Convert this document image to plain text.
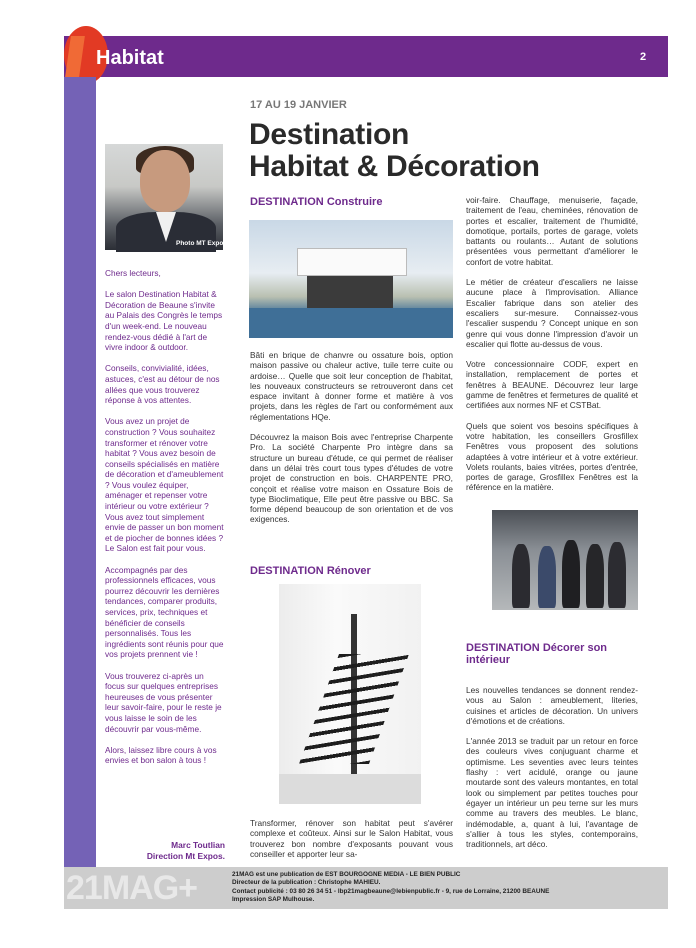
Habitat	2
Photo MT Expo

Chers lecteurs,

Le salon Destination Habitat & Décoration de Beaune s'invite au Palais des Congrès le temps d'un week-end. Le nouveau rendez-vous dédié à l'art de vivre indoor & outdoor.

Conseils, convivialité, idées, astuces, c'est au détour de nos allées que vous trouverez réponse à vos attentes.

Vous avez un projet de construction ? Vous souhaitez transformer et rénover votre habitat ? Vous avez besoin de conseils spécialisés en matière de décoration et d'ameublement ? Vous voulez équiper, aménager et repenser votre intérieur ou votre extérieur ? Vous avez tout simplement envie de passer un bon moment et de piocher de bonnes idées ? Le Salon est fait pour vous.

Accompagnés par des professionnels efficaces, vous pourrez découvrir les dernières tendances, comparer produits, services, prix, techniques et bénéficier de conseils personnalisés. Tous les ingrédients sont réunis pour que vos projets prennent vie !

Vous trouverez ci-après un focus sur quelques entreprises heureuses de vous présenter leur savoir-faire, pour le reste je vous laisse le soin de les découvrir par vous-même.

Alors, laissez libre cours à vos envies et bon salon à tous !

Marc Toutlian
Direction Mt Expos.
17 AU 19 JANVIER
Destination
Habitat & Décoration
DESTINATION Construire

Bâti en brique de chanvre ou ossature bois, option maison passive ou chaleur active, tuile terre cuite ou ardoise… Quelle que soit leur conception de l'habitat, les nouveaux constructeurs se retrouveront dans cet espace invitant à donner forme et matière à vos projets, dans les règles de l'art ou conformément aux réglementations HQe.

Découvrez la maison Bois avec l'entreprise Charpente Pro. La société Charpente Pro intègre dans sa structure un bureau d'étude, ce qui permet de réaliser dans un délai très court tous types d'études de votre projet de construction en bois. CHARPENTE PRO, conçoit et réalise votre maison en Ossature Bois de type Bioclimatique, Elle peut être passive ou BBC. Sa forme dépend beaucoup de son orientation et de vos exigences.

DESTINATION Rénover

Transformer, rénover son habitat peut s'avérer complexe et coûteux. Ainsi sur le Salon Habitat, vous trouverez bon nombre d'exposants pouvant vous conseiller et apporter leur sa-

voir-faire. Chauffage, menuiserie, façade, traitement de l'eau, cheminées, rénovation de portes et escalier, traitement de l'humidité, domotique, portails, portes de garage, volets battants ou roulants… Autant de solutions présentées vous permettant d'améliorer le confort de votre habitat.

Le métier de créateur d'escaliers ne laisse aucune place à l'improvisation. Alliance Escalier fabrique dans son atelier des escaliers sur-mesure. Connaissez-vous l'escalier suspendu ? Concept unique en son genre qui vous donne l'impression d'avoir un escalier qui flotte au-dessus de vous.

Votre concessionnaire CODF, expert en installation, remplacement de portes et fenêtres à BEAUNE. Découvrez leur large gamme de fenêtres et fermetures de qualité et certifiées aux normes NF et CSTBat.

Quels que soient vos besoins spécifiques à votre habitation, les conseillers Grosfillex Fenêtres vous proposent des solutions adaptées à votre intérieur et à votre extérieur. Volets roulants, baies vitrées, portes d'entrée, portes de garage, Grosfillex Fenêtres est la référence en la matière.

DESTINATION Décorer son
intérieur

Les nouvelles tendances se donnent rendez-vous au Salon : ameublement, literies, cuisines et articles de décoration. Un univers d'émotions et de créations.

L'année 2013 se traduit par un retour en force des couleurs vives conjuguant charme et optimisme. Les seventies avec leurs teintes flashy : vert acidulé, orange ou jaune moutarde sont des valeurs montantes, en total look ou simplement par petites touches pour égayer un intérieur un peu terne sur les murs comme au travers des meubles. Le blanc, indémodable, a, quant à lui, l'avantage de s'allier à tous les styles, contemporains, traditionnels, art déco.

21MAG+	21MAG est une publication de EST BOURGOGNE MEDIA - LE BIEN PUBLIC
Directeur de la publication : Christophe MAHIEU.
Contact publicité : 03 80 26 34 51 - lbp21magbeaune@lebienpublic.fr - 9, rue de Lorraine, 21200 BEAUNE
Impression SAP Mulhouse.
